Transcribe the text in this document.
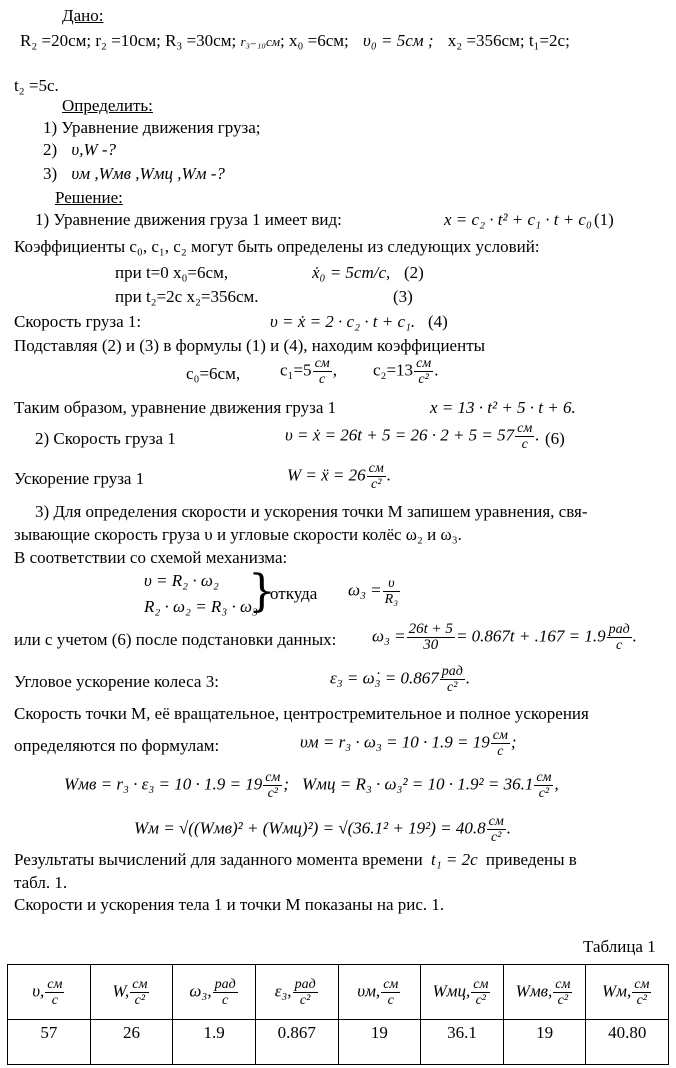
Дано:
R₂ =20см; r₂ =10см; R₃ =30см; r₃₋₁₀см; x₀ =6см; υ₀ = 5см ; x₂ =356см; t₁=2с;
t₂ =5с.
Определить:
1) Уравнение движения груза;
2) υ,W -?
3) υм ,Wмв ,Wмц ,Wм -?
Решение:
1) Уравнение движения груза 1 имеет вид:	x = c₂ · t² + c₁ · t + c₀ (1)
Коэффициенты c₀, c₁, c₂ могут быть определены из следующих условий:
при t=0 x₀=6см,	ẋ₀ = 5cm/c, (2)
при t₂=2с x₂=356см.	(3)
Скорость груза 1:	υ = ẋ = 2 · c₂ · t + c₁. (4)
Подставляя (2) и (3) в формулы (1) и (4), находим коэффициенты
c₀=6см, $c_1=5 \frac{см}{с}$ , $c_2=13 \frac{см}{\text{с²}}$ .
Таким образом, уравнение движения груза 1	x = 13 · t² + 5 · t + 6.
2) Скорость груза 1	υ = ẋ = $26t + 5 = 26 \cdot 2 + 5 = 57 \frac{см}{с}$ . (6)
Ускорение груза 1	W = ẍ = $26 \frac{см}{\text{с²}}$ .
3) Для определения скорости и ускорения точки М запишем уравнения, свя-
зывающие скорость груза υ и угловые скорости колёс ω₂ и ω₃.
В соответствии со схемой механизма:
υ = R₂ · ω₂
R₂ · ω₂ = R₃ · ω₃
}
откуда $\omega_3 = \frac{\upsilon}{\text{R₃}}$
или с учетом (6) после подстановки данных: $\omega_3 = \frac{26t + 5}{30} = 0.867t + .167 = 1.9 \frac{\text{рад}}{с}$ .
Угловое ускорение колеса 3:	ε₃ = ω̇₃ = $0.867 \frac{\text{рад}}{\text{с²}}$ .
Скорость точки М, её вращательное, центростремительное и полное ускорения
определяются по формулам:	$\upsilon м = r_3 \cdot \omega_3 = 10 \cdot 1.9 = 19 \frac{см}{с}$ ;
Wмв = $r_3 \cdot \varepsilon_3 = 10 \cdot 1.9 = 19 \frac{см}{\text{с²}}$ ; Wмц = $R_3 \cdot \omega_3^2 = 10 \cdot 1.9^2 = 36.1 \frac{см}{\text{с²}}$ ,
Wм = $√((Wмв)^2 + (Wмц)^2) = √(36.1^2 + 19^2) = 40.8 \frac{см}{\text{с²}}$ .
Результаты вычислений для заданного момента времени t₁ = 2с приведены в
табл. 1.
Скорости и ускорения тела 1 и точки М показаны на рис. 1.
Таблица 1
υ, $\frac{см}{с}$	W, $\frac{см}{\text{с²}}$	ω₃, $\frac{\text{рад}}{с}$	ε₃, $\frac{\text{рад}}{\text{с²}}$	υм, $\frac{см}{с}$	Wмц, $\frac{см}{\text{с²}}$	Wмв, $\frac{см}{\text{с²}}$	Wм, $\frac{см}{\text{с²}}$

57	26	1.9	0.867	19	36.1	19	40.80
